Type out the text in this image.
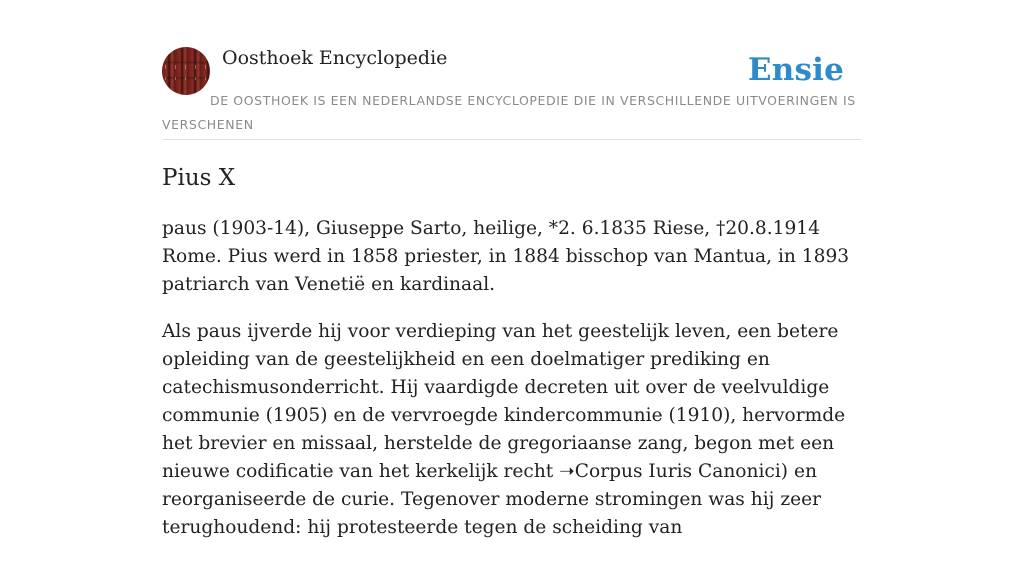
Oosthoek Encyclopedie	Ensie
DE OOSTHOEK IS EEN NEDERLANDSE ENCYCLOPEDIE DIE IN VERSCHILLENDE UITVOERINGEN IS VERSCHENEN
Pius X

paus (1903-14), Giuseppe Sarto, heilige, *2. 6.1835 Riese, †20.8.1914 Rome. Pius werd in 1858 priester, in 1884 bisschop van Mantua, in 1893 patriarch van Venetië en kardinaal.

Als paus ijverde hij voor verdieping van het geestelijk leven, een betere opleiding van de geestelijkheid en een doelmatiger prediking en catechismusonderricht. Hij vaardigde decreten uit over de veelvuldige communie (1905) en de vervroegde kindercommunie (1910), hervormde het brevier en missaal, herstelde de gregoriaanse zang, begon met een nieuwe codificatie van het kerkelijk recht ➝Corpus Iuris Canonici) en reorganiseerde de curie. Tegenover moderne stromingen was hij zeer terughoudend: hij protesteerde tegen de scheiding van
